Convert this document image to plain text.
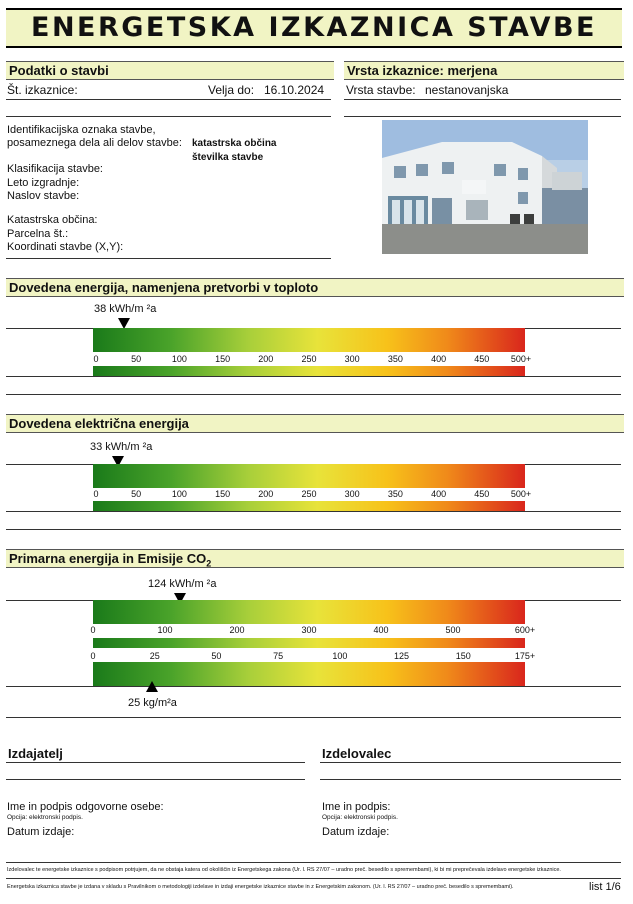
ENERGETSKA IZKAZNICA STAVBE
Podatki o stavbi
Št. izkaznice:	Velja do: 16.10.2024
Vrsta izkaznice: merjena
Vrsta stavbe: nestanovanjska
Identifikacijska oznaka stavbe,
posameznega dela ali delov stavbe: katastrska občina
številka stavbe
Klasifikacija stavbe:
Leto izgradnje:
Naslov stavbe:
Katastrska občina:
Parcelna št.:
Koordinati stavbe (X,Y):
Dovedena energija, namenjena pretvorbi v toploto
38 kWh/m ²a
0	50	100	150	200	250	300	350	400	450 500+
Dovedena električna energija
33 kWh/m ²a
0	50	100	150	200	250	300	350	400	450 500+
Primarna energija in Emisije $CO_2$
124 kWh/m ²a
0	100	200	300	400	500	600+
0	25	50	75	100	125	150	175+
25 kg/m²a
Izdajatelj
Ime in podpis odgovorne osebe:
Opcija: elektronski podpis.
Datum izdaje:
Izdelovalec
Ime in podpis:
Opcija: elektronski podpis.
Datum izdaje:
Izdelovalec te energetske izkaznice s podpisom potrjujem, da ne obstaja katera od okoliščin iz Energetskega zakona (Ur. l. RS 27/07 – uradno preč. besedilo s spremembami), ki bi mi preprečevala izdelavo energetske izkaznice.
Energetska izkaznica stavbe je izdana v skladu s Pravilnikom o metodologiji izdelave in izdaji energetske izkaznice stavbe in z Energetskim zakonom. (Ur. l. RS 27/07 – uradno preč. besedilo s spremembami).	list 1/6
